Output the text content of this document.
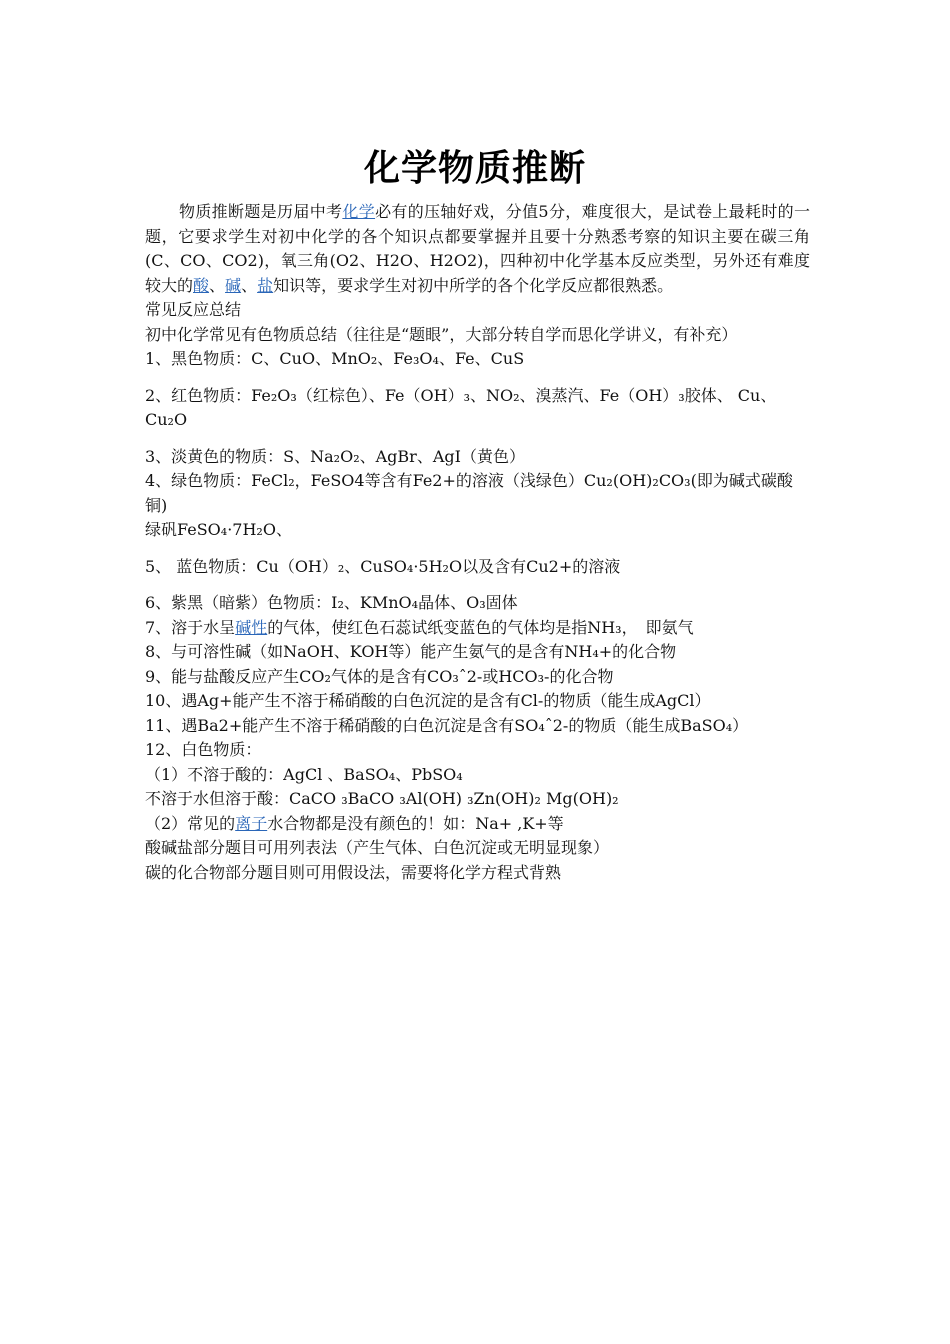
化学物质推断

物质推断题是历届中考化学必有的压轴好戏，分值5分，难度很大，是试卷上最耗时的一题，它要求学生对初中化学的各个知识点都要掌握并且要十分熟悉考察的知识主要在碳三角(C、CO、CO2)，氧三角(O2、H2O、H2O2)，四种初中化学基本反应类型，另外还有难度较大的酸、碱、盐知识等，要求学生对初中所学的各个化学反应都很熟悉。

常见反应总结

初中化学常见有色物质总结（往往是“题眼”，大部分转自学而思化学讲义，有补充）

1、黑色物质：C、CuO、MnO₂、Fe₃O₄、Fe、CuS

2、红色物质：Fe₂O₃（红棕色）、Fe（OH）₃、NO₂、溴蒸汽、Fe（OH）₃胶体、 Cu、Cu₂O

3、淡黄色的物质：S、Na₂O₂、AgBr、AgI（黄色）

4、绿色物质：FeCl₂，FeSO4等含有Fe2+的溶液（浅绿色）Cu₂(OH)₂CO₃(即为碱式碳酸铜)

绿矾FeSO₄·7H₂O、

5、 蓝色物质：Cu（OH）₂、CuSO₄·5H₂O以及含有Cu2+的溶液

6、紫黑（暗紫）色物质：I₂、KMnO₄晶体、O₃固体

7、溶于水呈碱性的气体，使红色石蕊试纸变蓝色的气体均是指NH₃，　即氨气

8、与可溶性碱（如NaOH、KOH等）能产生氨气的是含有NH₄+的化合物

9、能与盐酸反应产生CO₂气体的是含有CO₃ˆ2-或HCO₃-的化合物

10、遇Ag+能产生不溶于稀硝酸的白色沉淀的是含有Cl-的物质（能生成AgCl）

11、遇Ba2+能产生不溶于稀硝酸的白色沉淀是含有SO₄ˆ2-的物质（能生成BaSO₄）

12、白色物质：

（1）不溶于酸的：AgCl 、BaSO₄、PbSO₄

不溶于水但溶于酸：CaCO ₃BaCO ₃Al(OH) ₃Zn(OH)₂ Mg(OH)₂

（2）常见的离子水合物都是没有颜色的！如：Na+ ,K+等

酸碱盐部分题目可用列表法（产生气体、白色沉淀或无明显现象）

碳的化合物部分题目则可用假设法，需要将化学方程式背熟
